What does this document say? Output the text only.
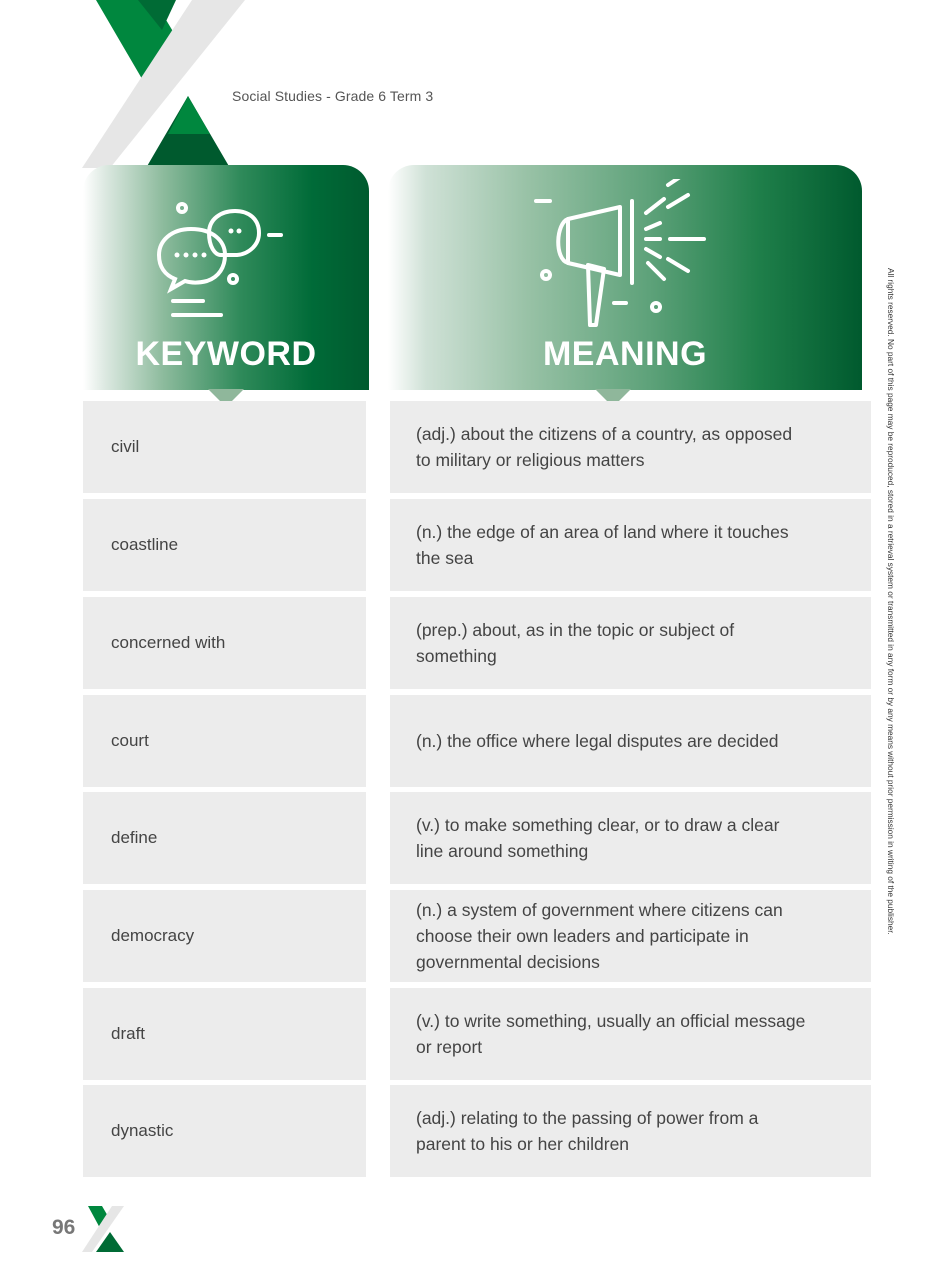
Social Studies - Grade 6 Term 3
KEYWORD	MEANING
civil
(adj.) about the citizens of a country, as opposed
to military or religious matters
coastline
(n.) the edge of an area of land where it touches
the sea
concerned with
(prep.) about, as in the topic or subject of
something
court	(n.) the office where legal disputes are decided
define
(v.) to make something clear, or to draw a clear
line around something
democracy
(n.) a system of government where citizens can
choose their own leaders and participate in
governmental decisions
draft
(v.) to write something, usually an official message
or report
dynastic
(adj.) relating to the passing of power from a
parent to his or her children
All rights reserved. No part of this page may be reproduced, stored in a retrieval system or transmitted in any form or by any means without prior permission in writing of the publisher.
96
